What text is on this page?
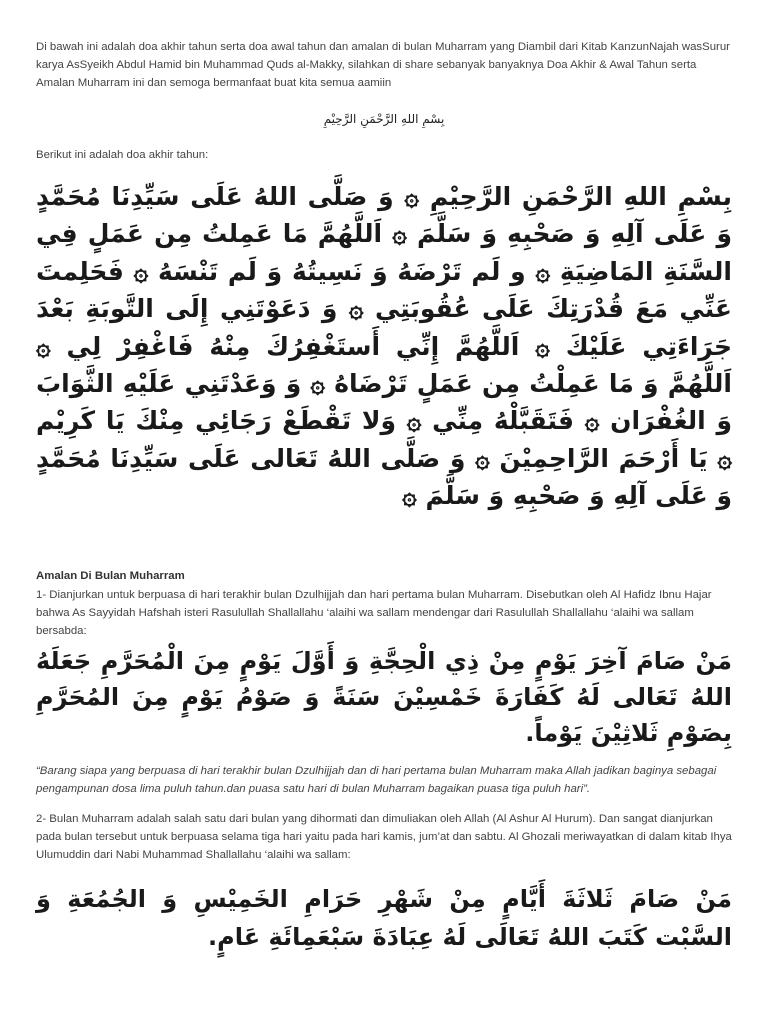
Di bawah ini adalah doa akhir tahun serta doa awal tahun dan amalan di bulan Muharram yang Diambil dari Kitab KanzunNajah wasSurur karya AsSyeikh Abdul Hamid bin Muhammad Quds al-Makky, silahkan di share sebanyak banyaknya Doa Akhir & Awal Tahun serta Amalan Muharram ini dan semoga bermanfaat buat kita semua aamiin

بِسْمِ اللهِ الرَّحْمَنِ الرَّحِيْمِ

Berikut ini adalah doa akhir tahun:

بِسْمِ اللهِ الرَّحْمَنِ الرَّحِيْمِ ۞ وَ صَلَّى اللهُ عَلَى سَيِّدِنَا مُحَمَّدٍ وَ عَلَى آلِهِ وَ صَحْبِهِ وَ سَلَّمَ ۞ اَللَّهُمَّ مَا عَمِلتُ مِن عَمَلٍ فِي السَّنَةِ المَاضِيَةِ ۞ و لَم تَرْضَهُ وَ نَسِيتُهُ وَ لَم تَنْسَهُ ۞ فَحَلِمتَ عَنِّي مَعَ قُدْرَتِكَ عَلَى عُقُوبَتِي ۞ وَ دَعَوْتَنِي إِلَى التَّوبَةِ بَعْدَ جَرَاءَتِي عَلَيْكَ ۞ اَللَّهُمَّ إِنِّي أَستَغْفِرُكَ مِنْهُ فَاغْفِرْ لِي ۞ اَللَّهُمَّ وَ مَا عَمِلْتُ مِن عَمَلٍ تَرْضَاهُ ۞ وَ وَعَدْتَنِي عَلَيْهِ الثَّوَابَ وَ الغُفْرَان ۞ فَتَقَبَّلْهُ مِنِّي ۞ وَلا تَقْطَعْ رَجَائِي مِنْكَ يَا كَرِيْم ۞ يَا أَرْحَمَ الرَّاحِمِيْنَ ۞ وَ صَلَّى اللهُ تَعَالى عَلَى سَيِّدِنَا مُحَمَّدٍ وَ عَلَى آلِهِ وَ صَحْبِهِ وَ سَلَّمَ ۞

Amalan Di Bulan Muharram

1- Dianjurkan untuk berpuasa di hari terakhir bulan Dzulhijjah dan hari pertama bulan Muharram. Disebutkan oleh Al Hafidz Ibnu Hajar bahwa As Sayyidah Hafshah isteri Rasulullah Shallallahu ‘alaihi wa sallam mendengar dari Rasulullah Shallallahu ‘alaihi wa sallam bersabda:

مَنْ صَامَ آخِرَ يَوْمٍ مِنْ ذِي الْحِجَّةِ وَ أَوَّلَ يَوْمٍ مِنَ الْمُحَرَّمِ جَعَلَهُ اللهُ تَعَالى لَهُ كَفَارَةَ خَمْسِيْنَ سَنَةً وَ صَوْمُ يَوْمٍ مِنَ المُحَرَّمِ بِصَوْمِ ثَلاثِيْنَ يَوْماً.

“Barang siapa yang berpuasa di hari terakhir bulan Dzulhijjah dan di hari pertama bulan Muharram maka Allah jadikan baginya sebagai pengampunan dosa lima puluh tahun.dan puasa satu hari di bulan Muharram bagaikan puasa tiga puluh hari”.

2- Bulan Muharram adalah salah satu dari bulan yang dihormati dan dimuliakan oleh Allah (Al Ashur Al Hurum). Dan sangat dianjurkan pada bulan tersebut untuk berpuasa selama tiga hari yaitu pada hari kamis, jum’at dan sabtu. Al Ghozali meriwayatkan di dalam kitab Ihya Ulumuddin dari Nabi Muhammad Shallallahu ‘alaihi wa sallam:

مَنْ صَامَ ثَلاثَةَ أَيَّامٍ مِنْ شَهْرِ حَرَامِ الخَمِيْسِ وَ الجُمُعَةِ وَ السَّبْت كَتَبَ اللهُ تَعَالَى لَهُ عِبَادَةَ سَبْعَمِائَةِ عَامٍ.
